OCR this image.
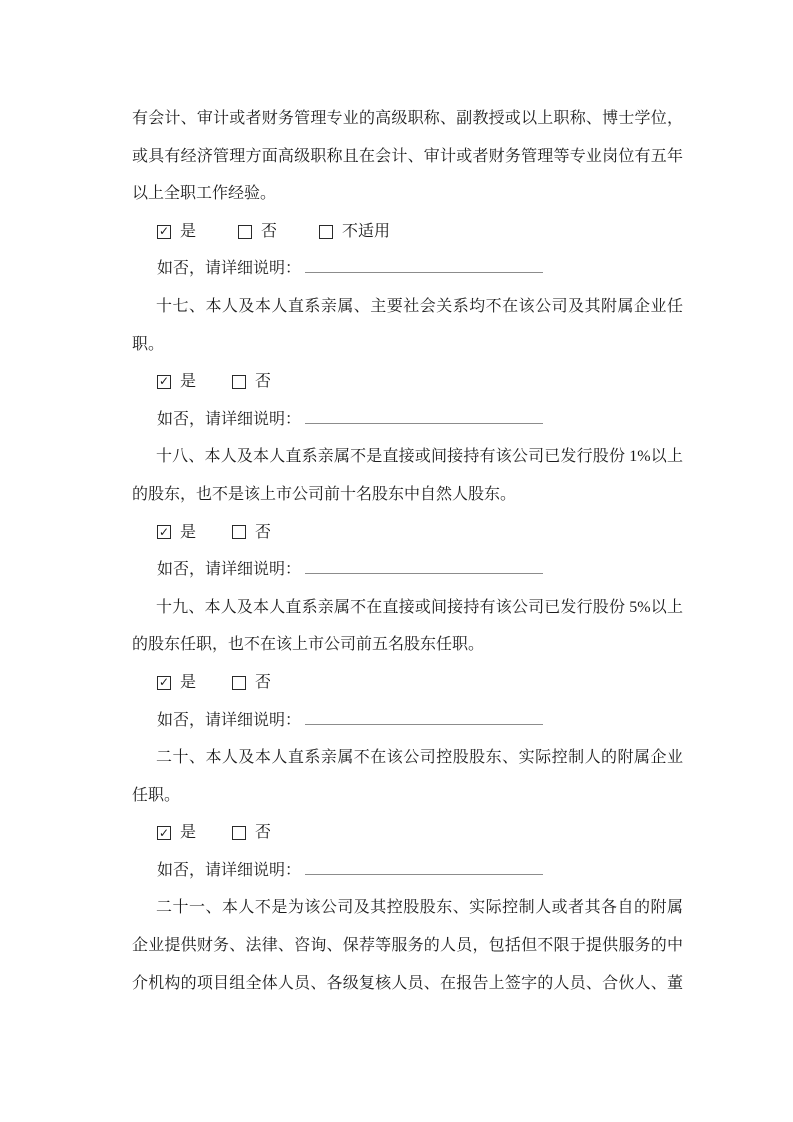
有会计、审计或者财务管理专业的高级职称、副教授或以上职称、博士学位，
或具有经济管理方面高级职称且在会计、审计或者财务管理等专业岗位有五年
以上全职工作经验。
✓ 是	否	不适用
如否，请详细说明：
十七、本人及本人直系亲属、主要社会关系均不在该公司及其附属企业任
职。
✓ 是	否
如否，请详细说明：
十八、本人及本人直系亲属不是直接或间接持有该公司已发行股份 1%以上
的股东，也不是该上市公司前十名股东中自然人股东。
✓ 是	否
如否，请详细说明：
十九、本人及本人直系亲属不在直接或间接持有该公司已发行股份 5%以上
的股东任职，也不在该上市公司前五名股东任职。
✓ 是	否
如否，请详细说明：
二十、本人及本人直系亲属不在该公司控股股东、实际控制人的附属企业
任职。
✓ 是	否
如否，请详细说明：
二十一、本人不是为该公司及其控股股东、实际控制人或者其各自的附属
企业提供财务、法律、咨询、保荐等服务的人员，包括但不限于提供服务的中
介机构的项目组全体人员、各级复核人员、在报告上签字的人员、合伙人、董
